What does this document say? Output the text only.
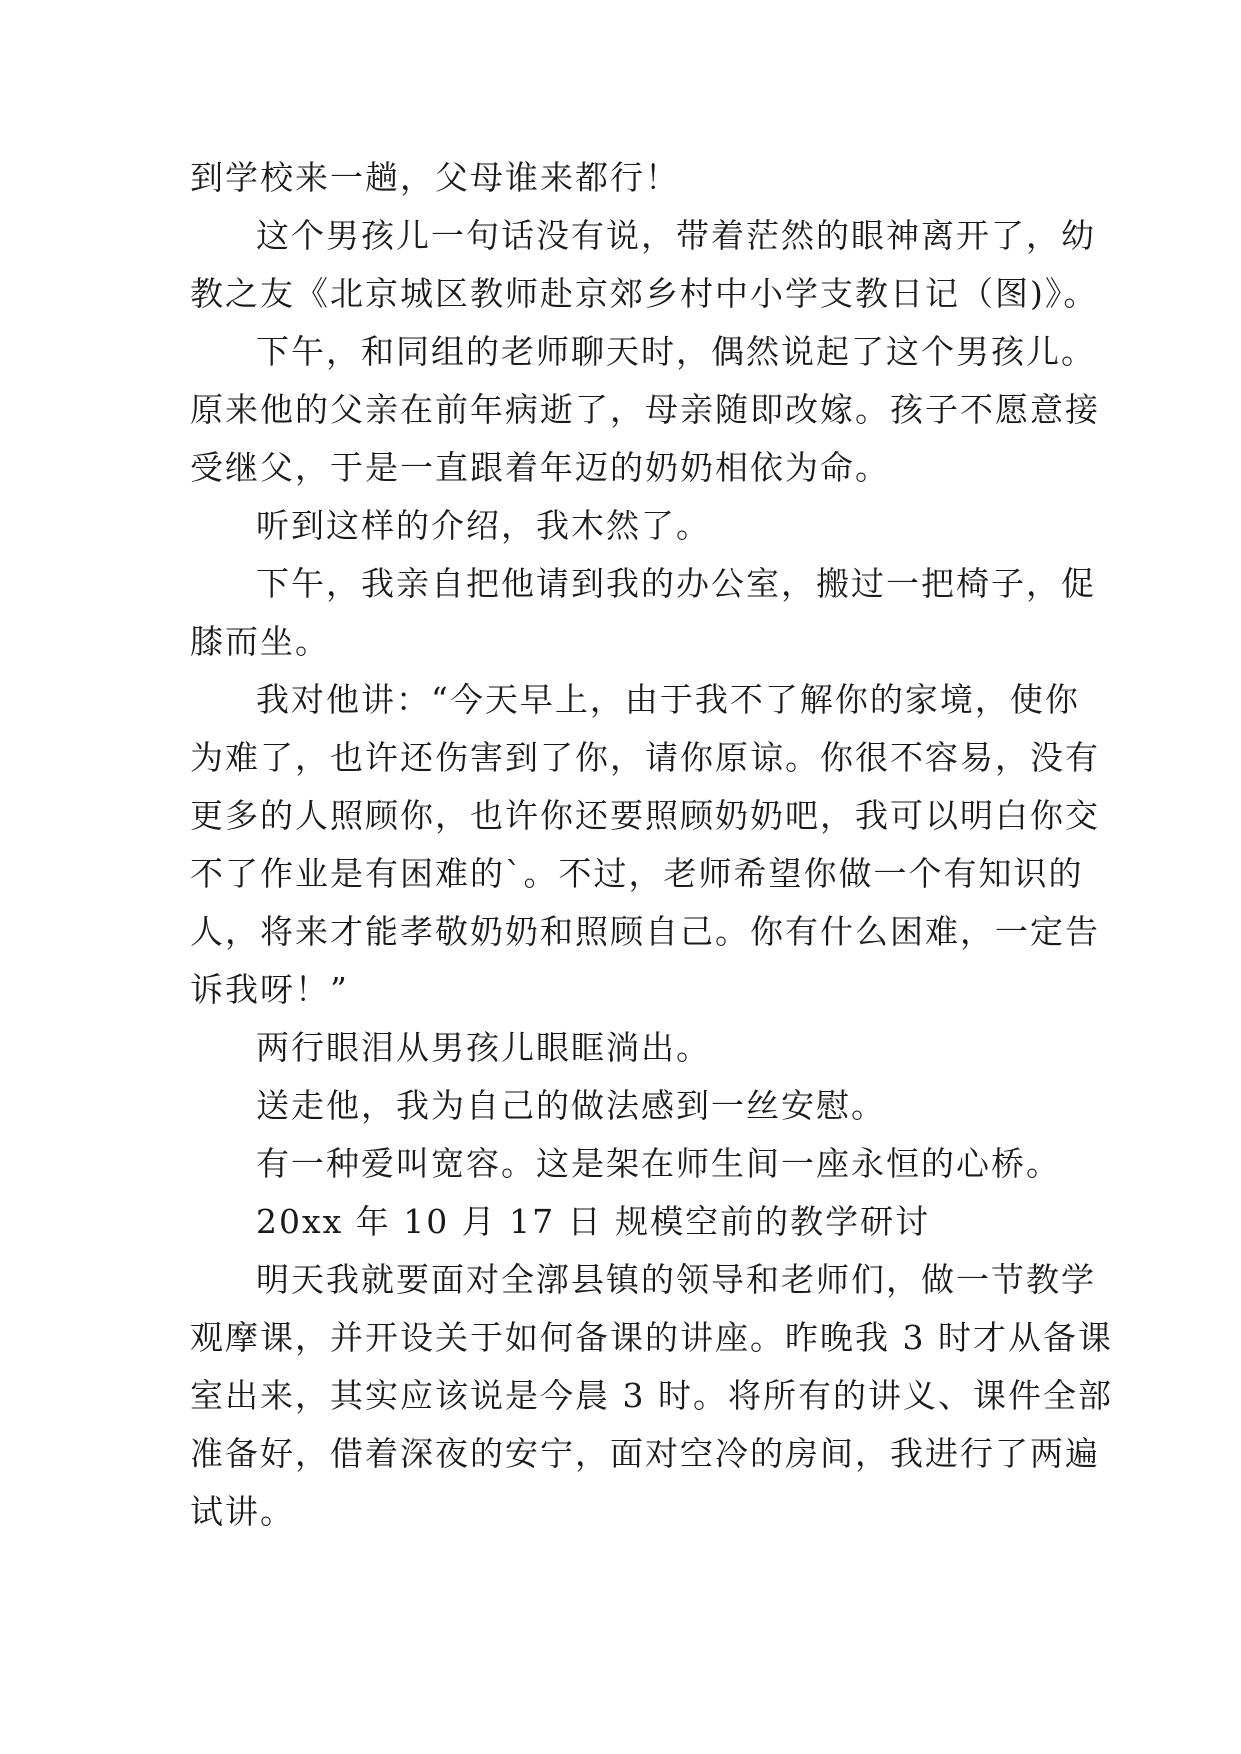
到学校来一趟，父母谁来都行！
这个男孩儿一句话没有说，带着茫然的眼神离开了，幼
教之友《北京城区教师赴京郊乡村中小学支教日记（图)》。
下午，和同组的老师聊天时，偶然说起了这个男孩儿。
原来他的父亲在前年病逝了，母亲随即改嫁。孩子不愿意接
受继父，于是一直跟着年迈的奶奶相依为命。
听到这样的介绍，我木然了。
下午，我亲自把他请到我的办公室，搬过一把椅子，促
膝而坐。
我对他讲：“今天早上，由于我不了解你的家境，使你
为难了，也许还伤害到了你，请你原谅。你很不容易，没有
更多的人照顾你，也许你还要照顾奶奶吧，我可以明白你交
不了作业是有困难的`。不过，老师希望你做一个有知识的
人，将来才能孝敬奶奶和照顾自己。你有什么困难，一定告
诉我呀！”
两行眼泪从男孩儿眼眶淌出。
送走他，我为自己的做法感到一丝安慰。
有一种爱叫宽容。这是架在师生间一座永恒的心桥。
20xx 年 10 月 17 日 规模空前的教学研讨
明天我就要面对全漷县镇的领导和老师们，做一节教学
观摩课，并开设关于如何备课的讲座。昨晚我 3 时才从备课
室出来，其实应该说是今晨 3 时。将所有的讲义、课件全部
准备好，借着深夜的安宁，面对空冷的房间，我进行了两遍
试讲。
